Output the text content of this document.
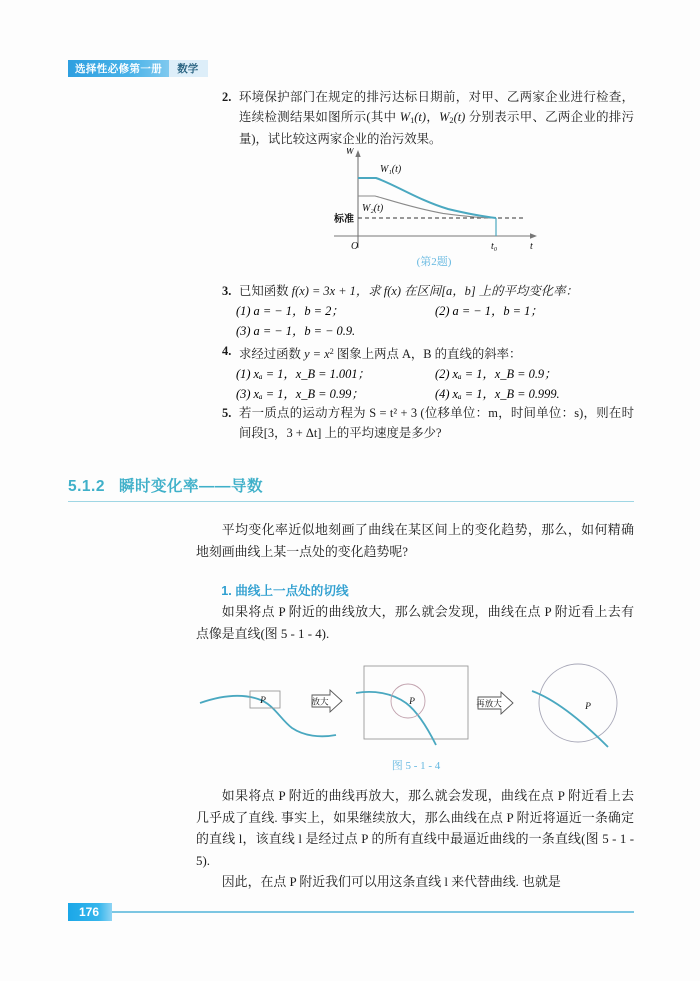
选择性必修第一册	数学
2. 环境保护部门在规定的排污达标日期前，对甲、乙两家企业进行检查，连续检测结果如图所示(其中 $W_1(t)$，$W_2(t)$ 分别表示甲、乙两企业的排污量)，试比较这两家企业的治污效果。
3. 已知函数 f(x) = 3x + 1，求 f(x) 在区间[a，b] 上的平均变化率：
(1) a = − 1，b = 2；	(2) a = − 1，b = 1；
(3) a = − 1，b = − 0.9.
4. 求经过函数 $y = x^2$ 图象上两点 A，B 的直线的斜率：
(1) xₐ = 1，x_B = 1.001；	(2) xₐ = 1，x_B = 0.9；
(3) xₐ = 1，x_B = 0.99；	(4) xₐ = 1，x_B = 0.999.
5. 若一质点的运动方程为 S = t² + 3 (位移单位：m，时间单位：s)，则在时间段[3，3 + Δt] 上的平均速度是多少?
W
t
O
W₁(t)
W₂(t)
标准
t₀
(第2题)
5.1.2 瞬时变化率——导数
平均变化率近似地刻画了曲线在某区间上的变化趋势，那么，如何精确地刻画曲线上某一点处的变化趋势呢?
1. 曲线上一点处的切线
如果将点 P 附近的曲线放大，那么就会发现，曲线在点 P 附近看上去有点像是直线(图 5 - 1 - 4).
P	放大	P	再放大	P
图 5 - 1 - 4
如果将点 P 附近的曲线再放大，那么就会发现，曲线在点 P 附近看上去几乎成了直线. 事实上，如果继续放大，那么曲线在点 P 附近将逼近一条确定的直线 l，该直线 l 是经过点 P 的所有直线中最逼近曲线的一条直线(图 5 - 1 - 5).
因此，在点 P 附近我们可以用这条直线 l 来代替曲线. 也就是
176
